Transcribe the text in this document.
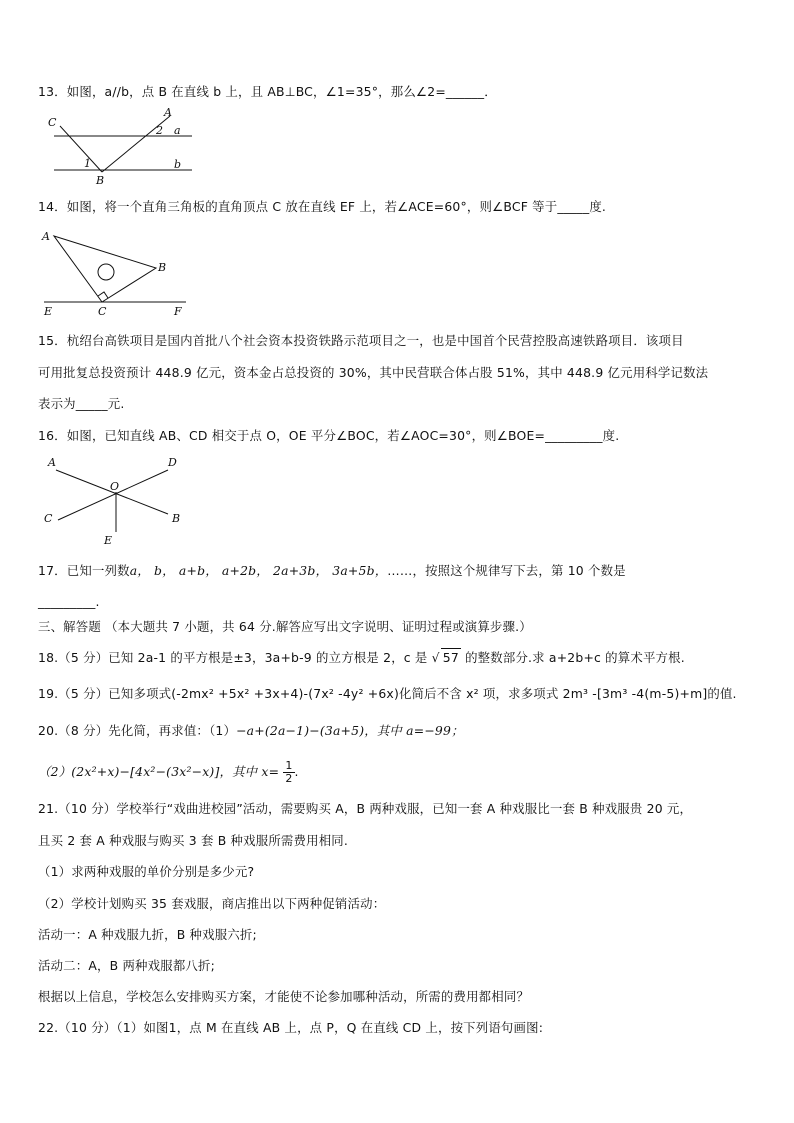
13．如图，a//b，点 B 在直线 b 上，且 AB⊥BC，∠1=35°，那么∠2=______．
C
A
a
b
B
1
2
14．如图，将一个直角三角板的直角顶点 C 放在直线 EF 上，若∠ACE=60°，则∠BCF 等于_____度.
A
B
C
E	F
15．杭绍台高铁项目是国内首批八个社会资本投资铁路示范项目之一，也是中国首个民营控股高速铁路项目．该项目
可用批复总投资预计 448.9 亿元，资本金占总投资的 30%，其中民营联合体占股 51%，其中 448.9 亿元用科学记数法
表示为_____元.
16．如图，已知直线 AB、CD 相交于点 O，OE 平分∠BOC，若∠AOC=30°，则∠BOE=_________度.
A	D
O
C	B
E
17．已知一列数a， b， a+b， a+2b， 2a+3b， 3a+5b，……，按照这个规律写下去，第 10 个数是
_________.
三、解答题 （本大题共 7 小题，共 64 分.解答应写出文字说明、证明过程或演算步骤.）
18.（5 分）已知 2a-1 的平方根是±3，3a+b-9 的立方根是 2，c 是 √ 57 的整数部分.求 a+2b+c 的算术平方根.
19.（5 分）已知多项式(-2mx² +5x² +3x+4)-(7x² -4y² +6x)化简后不含 x² 项，求多项式 2m³ -[3m³ -4(m-5)+m]的值.
20.（8 分）先化简，再求值：（1）−a+(2a−1)−(3a+5)，其中 a=−99；
（2）(2x²+x)−[4x²−(3x²−x)]，其中 $x= \frac{1}{2}$ .
21.（10 分）学校举行“戏曲进校园”活动，需要购买 A，B 两种戏服，已知一套 A 种戏服比一套 B 种戏服贵 20 元，
且买 2 套 A 种戏服与购买 3 套 B 种戏服所需费用相同.
（1）求两种戏服的单价分别是多少元?
（2）学校计划购买 35 套戏服，商店推出以下两种促销活动：
活动一：A 种戏服九折，B 种戏服六折;
活动二：A，B 两种戏服都八折;
根据以上信息，学校怎么安排购买方案，才能使不论参加哪种活动，所需的费用都相同？
22.（10 分）（1）如图1，点 M 在直线 AB 上，点 P，Q 在直线 CD 上，按下列语句画图:
